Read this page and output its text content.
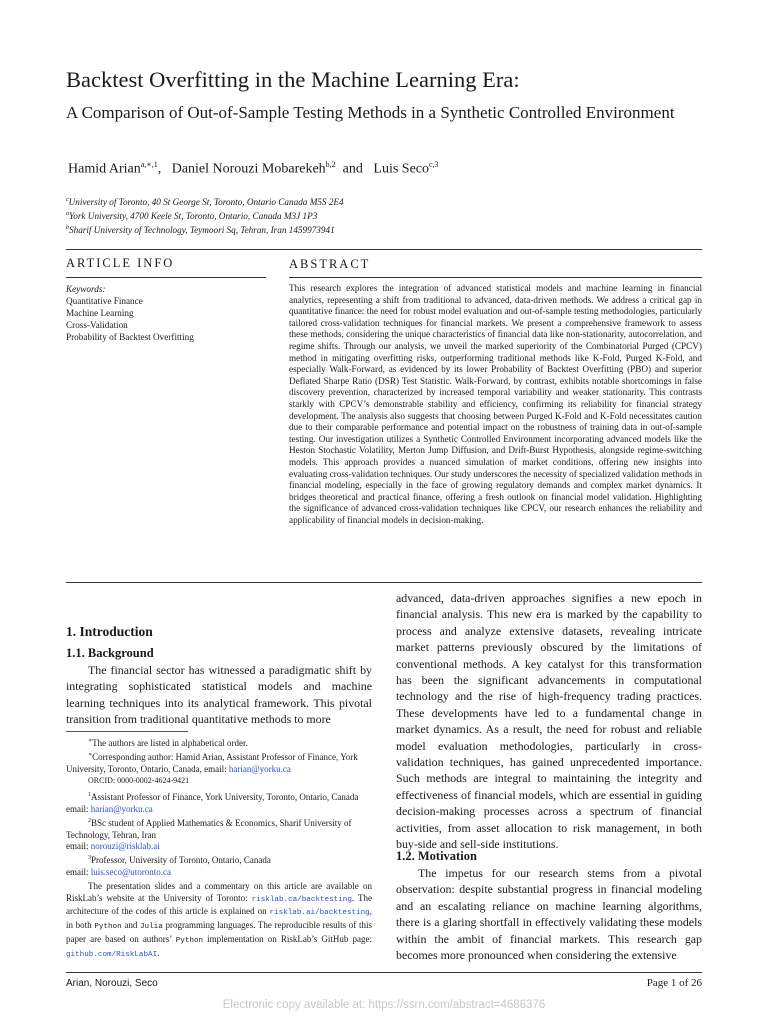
Backtest Overfitting in the Machine Learning Era:
A Comparison of Out-of-Sample Testing Methods in a Synthetic Controlled Environment
Hamid Arian$^{a,∗,1}$, Daniel Norouzi Mobarekeh$^{b,2}$ and Luis Seco$^{c,3}$
$^c$University of Toronto, 40 St George St, Toronto, Ontario Canada M5S 2E4
$^a$York University, 4700 Keele St, Toronto, Ontario, Canada M3J 1P3
$^b$Sharif University of Technology, Teymoori Sq, Tehran, Iran 1459973941
ARTICLE INFO
Keywords:
Quantitative Finance
Machine Learning
Cross-Validation
Probability of Backtest Overfitting
ABSTRACT
This research explores the integration of advanced statistical models and machine learning in financial analytics, representing a shift from traditional to advanced, data-driven methods. We address a critical gap in quantitative finance: the need for robust model evaluation and out-of-sample testing methodologies, particularly tailored cross-validation techniques for financial markets. We present a comprehensive framework to assess these methods, considering the unique characteristics of financial data like non-stationarity, autocorrelation, and regime shifts. Through our analysis, we unveil the marked superiority of the Combinatorial Purged (CPCV) method in mitigating overfitting risks, outperforming traditional methods like K-Fold, Purged K-Fold, and especially Walk-Forward, as evidenced by its lower Probability of Backtest Overfitting (PBO) and superior Deflated Sharpe Ratio (DSR) Test Statistic. Walk-Forward, by contrast, exhibits notable shortcomings in false discovery prevention, characterized by increased temporal variability and weaker stationarity. This contrasts starkly with CPCV’s demonstrable stability and efficiency, confirming its reliability for financial strategy development. The analysis also suggests that choosing between Purged K-Fold and K-Fold necessitates caution due to their comparable performance and potential impact on the robustness of training data in out-of-sample testing. Our investigation utilizes a Synthetic Controlled Environment incorporating advanced models like the Heston Stochastic Volatility, Merton Jump Diffusion, and Drift-Burst Hypothesis, alongside regime-switching models. This approach provides a nuanced simulation of market conditions, offering new insights into evaluating cross-validation techniques. Our study underscores the necessity of specialized validation methods in financial modeling, especially in the face of growing regulatory demands and complex market dynamics. It bridges theoretical and practical finance, offering a fresh outlook on financial model validation. Highlighting the significance of advanced cross-validation techniques like CPCV, our research enhances the reliability and applicability of financial models in decision-making.
1. Introduction
1.1. Background
The financial sector has witnessed a paradigmatic shift by integrating sophisticated statistical models and machine learning techniques into its analytical framework. This pivotal transition from traditional quantitative methods to more
∗The authors are listed in alphabetical order.
∗Corresponding author: Hamid Arian, Assistant Professor of Finance, York University, Toronto, Ontario, Canada, email: harian@yorku.ca
ORCID: 0000-0002-4624-9421
$^1$Assistant Professor of Finance, York University, Toronto, Ontario, Canada
email: harian@yorku.ca
$^2$BSc student of Applied Mathematics & Economics, Sharif University of Technology, Tehran, Iran
email: norouzi@risklab.ai
$^3$Professor, University of Toronto, Ontario, Canada
email: luis.seco@utoronto.ca
The presentation slides and a commentary on this article are available on RiskLab’s website at the University of Toronto: risklab.ca/backtesting. The architecture of the codes of this article is explained on risklab.ai/backtesting, in both Python and Julia programming languages. The reproducible results of this paper are based on authors’ Python implementation on RiskLab’s GitHub page: github.com/RiskLabAI.
advanced, data-driven approaches signifies a new epoch in financial analysis. This new era is marked by the capability to process and analyze extensive datasets, revealing intricate market patterns previously obscured by the limitations of conventional methods. A key catalyst for this transformation has been the significant advancements in computational technology and the rise of high-frequency trading practices. These developments have led to a fundamental change in market dynamics. As a result, the need for robust and reliable model evaluation methodologies, particularly in cross-validation techniques, has gained unprecedented importance. Such methods are integral to maintaining the integrity and effectiveness of financial models, which are essential in guiding decision-making processes across a spectrum of financial activities, from asset allocation to risk management, in both buy-side and sell-side institutions.
1.2. Motivation
The impetus for our research stems from a pivotal observation: despite substantial progress in financial modeling and an escalating reliance on machine learning algorithms, there is a glaring shortfall in effectively validating these models within the ambit of financial markets. This research gap becomes more pronounced when considering the extensive
Arian, Norouzi, Seco	Page 1 of 26
Electronic copy available at: https://ssrn.com/abstract=4686376
